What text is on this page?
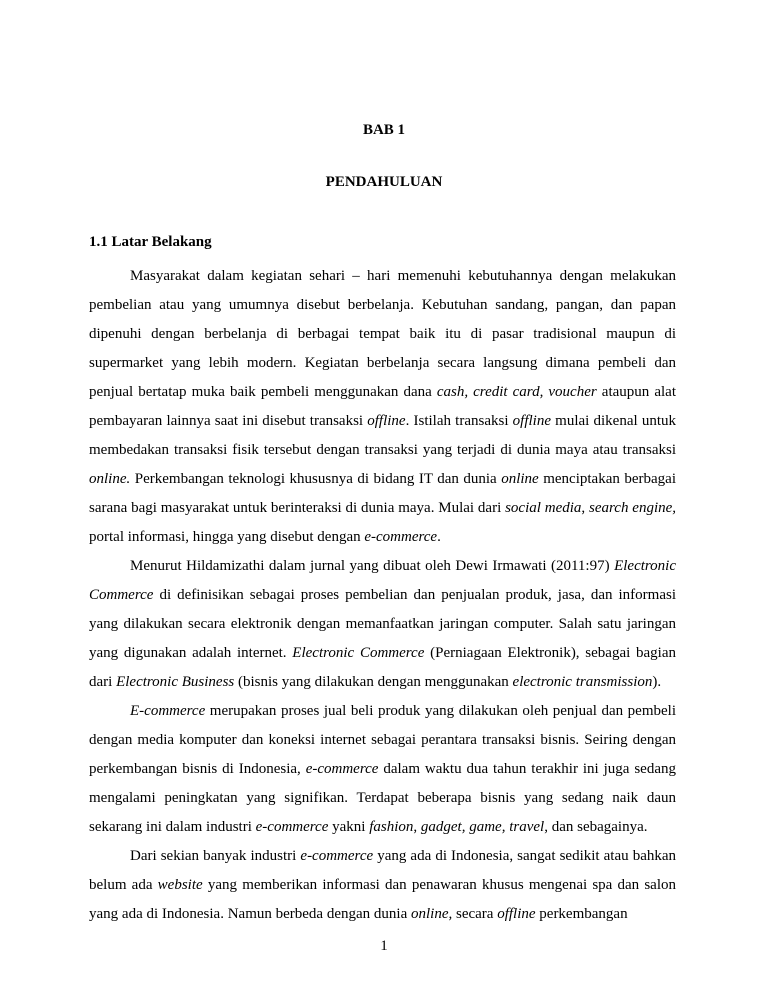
BAB 1
PENDAHULUAN
1.1 Latar Belakang

Masyarakat dalam kegiatan sehari – hari memenuhi kebutuhannya dengan melakukan pembelian atau yang umumnya disebut berbelanja. Kebutuhan sandang, pangan, dan papan dipenuhi dengan berbelanja di berbagai tempat baik itu di pasar tradisional maupun di supermarket yang lebih modern. Kegiatan berbelanja secara langsung dimana pembeli dan penjual bertatap muka baik pembeli menggunakan dana cash, credit card, voucher ataupun alat pembayaran lainnya saat ini disebut transaksi offline. Istilah transaksi offline mulai dikenal untuk membedakan transaksi fisik tersebut dengan transaksi yang terjadi di dunia maya atau transaksi online. Perkembangan teknologi khususnya di bidang IT dan dunia online menciptakan berbagai sarana bagi masyarakat untuk berinteraksi di dunia maya. Mulai dari social media, search engine, portal informasi, hingga yang disebut dengan e-commerce.

Menurut Hildamizathi dalam jurnal yang dibuat oleh Dewi Irmawati (2011:97) Electronic Commerce di definisikan sebagai proses pembelian dan penjualan produk, jasa, dan informasi yang dilakukan secara elektronik dengan memanfaatkan jaringan computer. Salah satu jaringan yang digunakan adalah internet. Electronic Commerce (Perniagaan Elektronik), sebagai bagian dari Electronic Business (bisnis yang dilakukan dengan menggunakan electronic transmission).

E-commerce merupakan proses jual beli produk yang dilakukan oleh penjual dan pembeli dengan media komputer dan koneksi internet sebagai perantara transaksi bisnis. Seiring dengan perkembangan bisnis di Indonesia, e-commerce dalam waktu dua tahun terakhir ini juga sedang mengalami peningkatan yang signifikan. Terdapat beberapa bisnis yang sedang naik daun sekarang ini dalam industri e-commerce yakni fashion, gadget, game, travel, dan sebagainya.

Dari sekian banyak industri e-commerce yang ada di Indonesia, sangat sedikit atau bahkan belum ada website yang memberikan informasi dan penawaran khusus mengenai spa dan salon yang ada di Indonesia. Namun berbeda dengan dunia online, secara offline perkembangan

1
